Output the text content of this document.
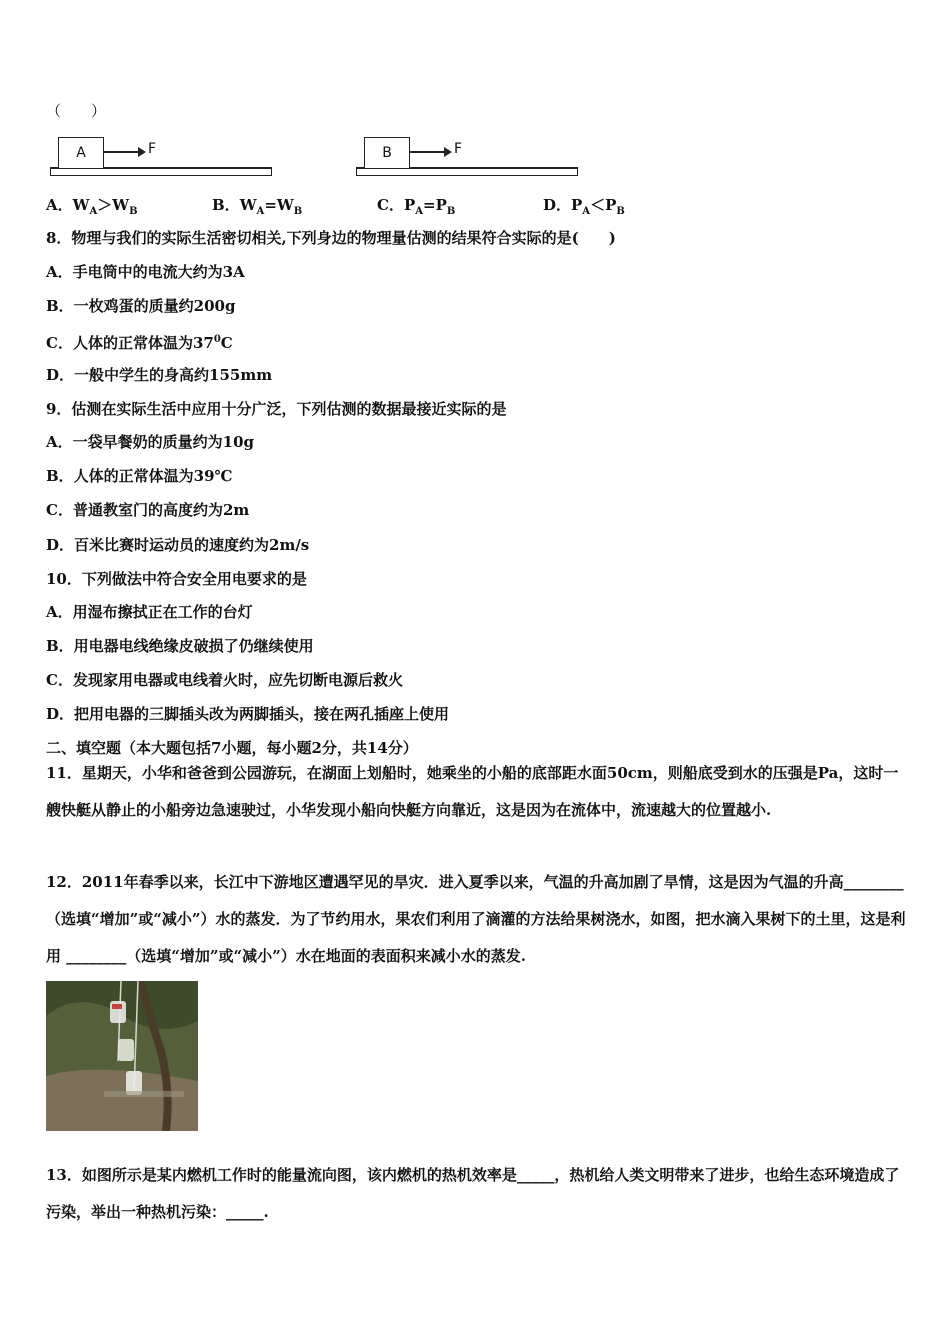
（　　）
A	F	B	F
A．$W_A>W_B$	B．$W_A=W_B$	C．$P_A=P_B$	D．$P_A<P_B$
8．物理与我们的实际生活密切相关,下列身边的物理量估测的结果符合实际的是(　　)
A．手电筒中的电流大约为3A
B．一枚鸡蛋的质量约200g
C．人体的正常体温为$37^0C$
D．一般中学生的身高约155mm
9．估测在实际生活中应用十分广泛，下列估测的数据最接近实际的是
A．一袋早餐奶的质量约为10g
B．人体的正常体温为39℃
C．普通教室门的高度约为2m
D．百米比赛时运动员的速度约为2m/s
10．下列做法中符合安全用电要求的是
A．用湿布擦拭正在工作的台灯
B．用电器电线绝缘皮破损了仍继续使用
C．发现家用电器或电线着火时，应先切断电源后救火
D．把用电器的三脚插头改为两脚插头，接在两孔插座上使用
二、填空题（本大题包括7小题，每小题2分，共14分）
11．星期天，小华和爸爸到公园游玩，在湖面上划船时，她乘坐的小船的底部距水面50cm，则船底受到水的压强是Pa，这时一艘快艇从静止的小船旁边急速驶过，小华发现小船向快艇方向靠近，这是因为在流体中，流速越大的位置越小.
12．2011年春季以来，长江中下游地区遭遇罕见的旱灾．进入夏季以来，气温的升高加剧了旱情，这是因为气温的升高________（选填“增加”或“减小”）水的蒸发．为了节约用水，果农们利用了滴灌的方法给果树浇水，如图，把水滴入果树下的土里，这是利用 ________（选填“增加”或“减小”）水在地面的表面积来减小水的蒸发.
13．如图所示是某内燃机工作时的能量流向图，该内燃机的热机效率是_____，热机给人类文明带来了进步，也给生态环境造成了污染，举出一种热机污染：_____.
